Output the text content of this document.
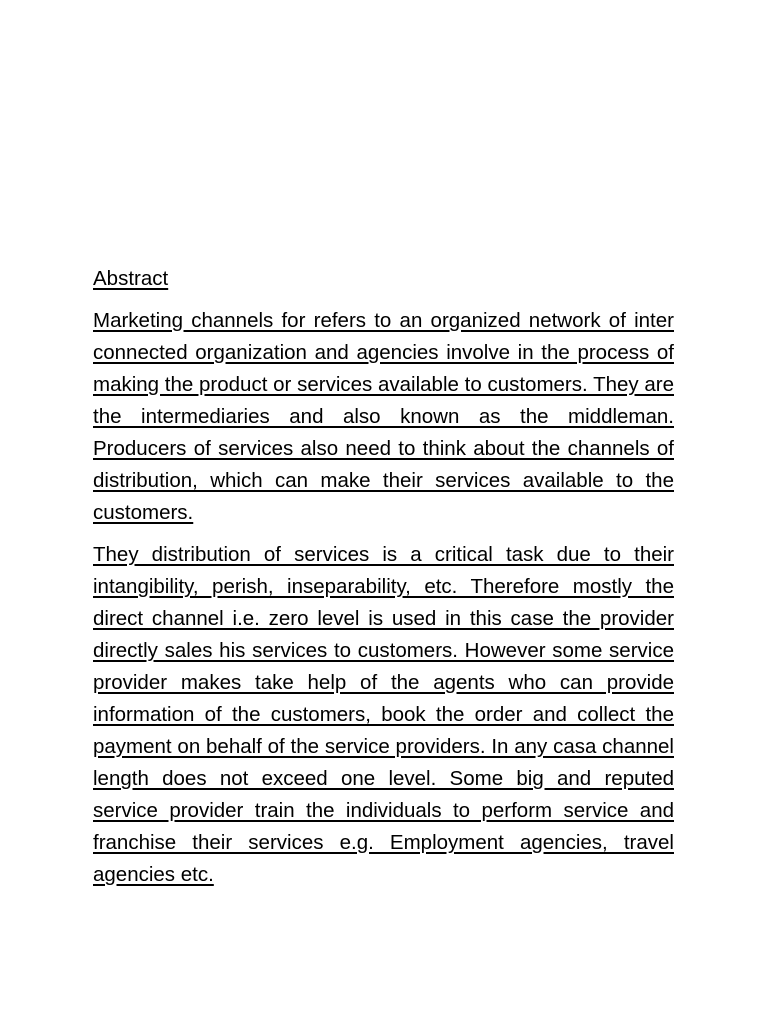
Abstract

Marketing channels for refers to an organized network of inter connected organization and agencies involve in the process of making the product or services available to customers. They are the intermediaries and also known as the middleman. Producers of services also need to think about the channels of distribution, which can make their services available to the customers.

They distribution of services is a critical task due to their intangibility, perish, inseparability, etc. Therefore mostly the direct channel i.e. zero level is used in this case the provider directly sales his services to customers. However some service provider makes take help of the agents who can provide information of the customers, book the order and collect the payment on behalf of the service providers. In any casa channel length does not exceed one level. Some big and reputed service provider train the individuals to perform service and franchise their services e.g. Employment agencies, travel agencies etc.
